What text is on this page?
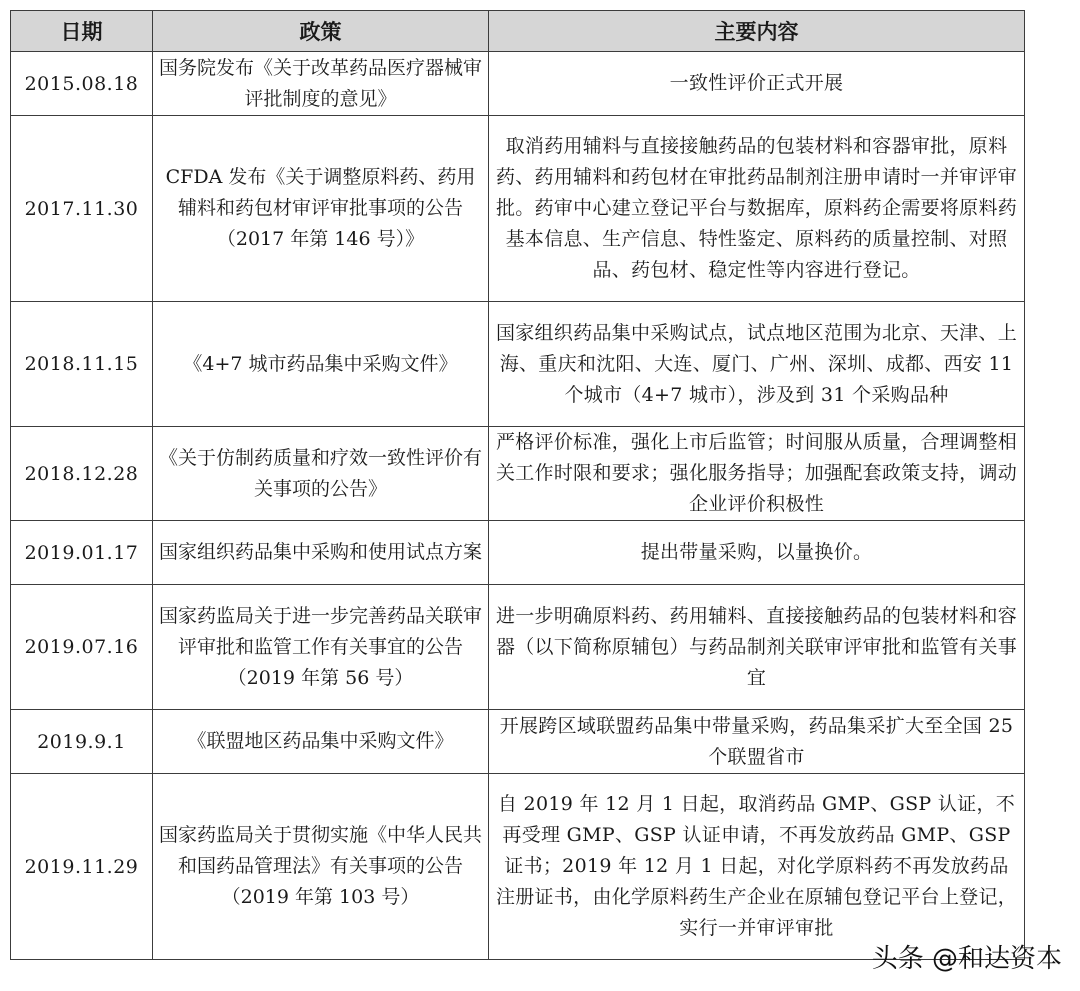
日期	政策	主要内容
2015.08.18	国务院发布《关于改革药品医疗器械审评批制度的意见》	一致性评价正式开展
2017.11.30	CFDA 发布《关于调整原料药、药用辅料和药包材审评审批事项的公告（2017 年第 146 号）》	取消药用辅料与直接接触药品的包装材料和容器审批，原料药、药用辅料和药包材在审批药品制剂注册申请时一并审评审批。药审中心建立登记平台与数据库，原料药企需要将原料药基本信息、生产信息、特性鉴定、原料药的质量控制、对照品、药包材、稳定性等内容进行登记。
2018.11.15	《4+7 城市药品集中采购文件》	国家组织药品集中采购试点，试点地区范围为北京、天津、上海、重庆和沈阳、大连、厦门、广州、深圳、成都、西安 11 个城市（4+7 城市），涉及到 31 个采购品种
2018.12.28	《关于仿制药质量和疗效一致性评价有关事项的公告》	严格评价标准，强化上市后监管；时间服从质量，合理调整相关工作时限和要求；强化服务指导；加强配套政策支持，调动企业评价积极性
2019.01.17	国家组织药品集中采购和使用试点方案	提出带量采购，以量换价。
2019.07.16	国家药监局关于进一步完善药品关联审评审批和监管工作有关事宜的公告（2019 年第 56 号）	进一步明确原料药、药用辅料、直接接触药品的包装材料和容器（以下简称原辅包）与药品制剂关联审评审批和监管有关事宜
2019.9.1	《联盟地区药品集中采购文件》	开展跨区域联盟药品集中带量采购，药品集采扩大至全国 25 个联盟省市
2019.11.29	国家药监局关于贯彻实施《中华人民共和国药品管理法》有关事项的公告（2019 年第 103 号）	自 2019 年 12 月 1 日起，取消药品 GMP、GSP 认证，不再受理 GMP、GSP 认证申请，不再发放药品 GMP、GSP 证书；2019 年 12 月 1 日起，对化学原料药不再发放药品注册证书，由化学原料药生产企业在原辅包登记平台上登记，实行一并审评审批
头条 @和达资本
